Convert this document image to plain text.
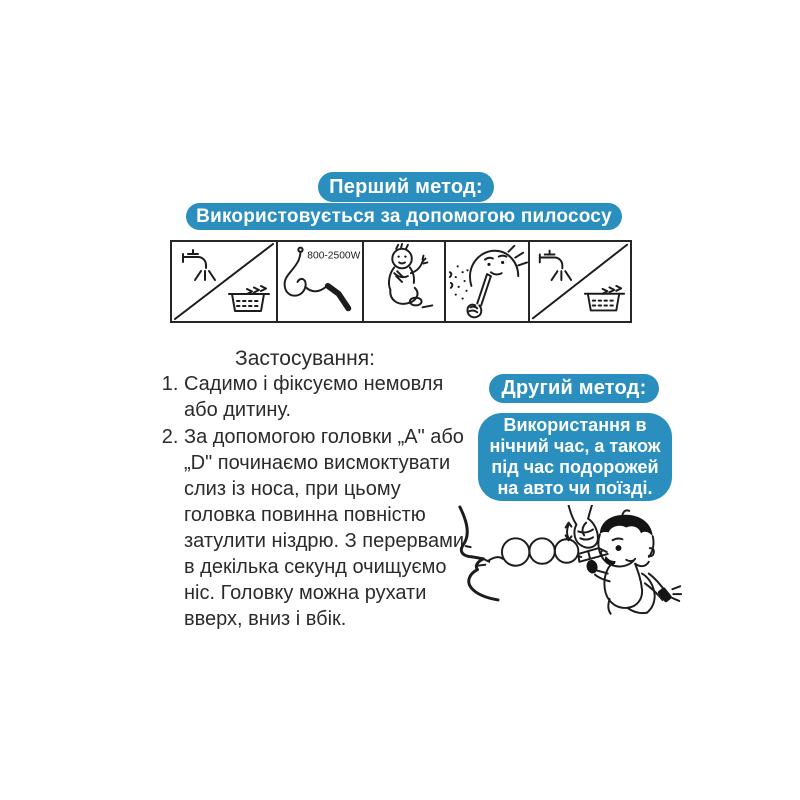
Перший метод:
Використовується за допомогою пилососу
800-2500W
Застосування:
1. Садимо і фіксуємо немовля або дитину.
2. За допомогою головки „А" або „D" починаємо висмоктувати слиз із носа, при цьому головка повинна повністю затулити ніздрю. З перервами в декілька секунд очищуємо ніс. Головку можна рухати вверх, вниз і вбік.
Другий метод:
Використання в нічний час, а також під час подорожей на авто чи поїзді.
